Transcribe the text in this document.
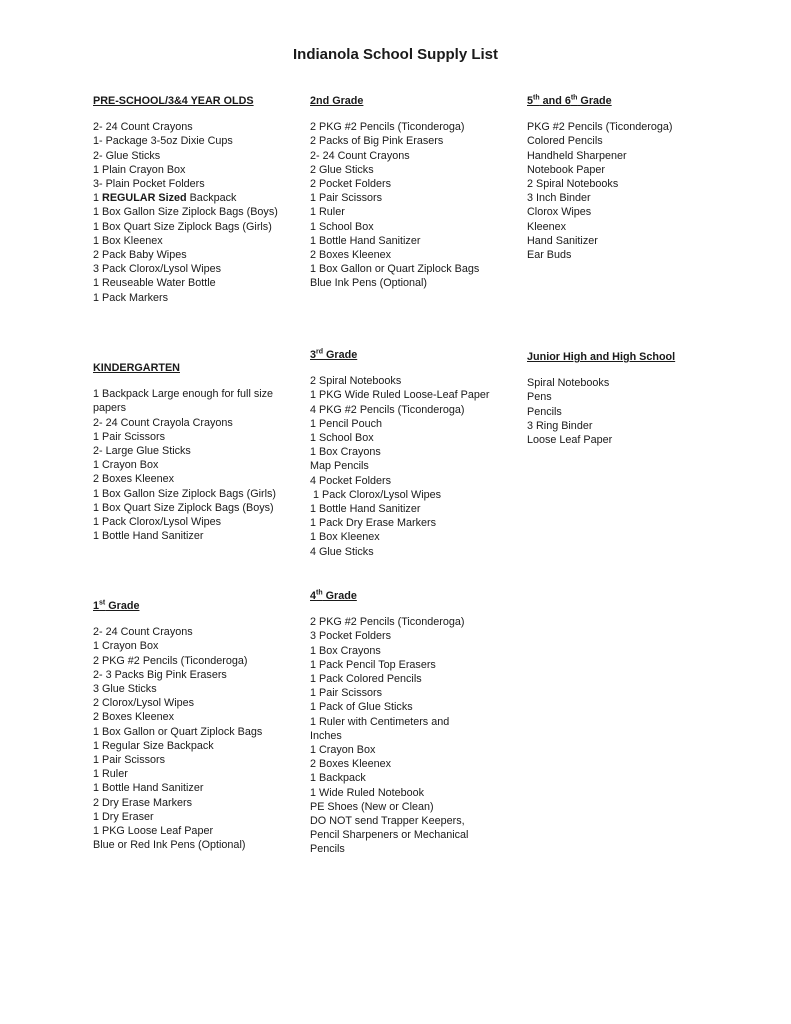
Indianola School Supply List
PRE-SCHOOL/3&4 YEAR OLDS
2- 24 Count Crayons
1- Package 3-5oz Dixie Cups
2- Glue Sticks
1 Plain Crayon Box
3- Plain Pocket Folders
1 REGULAR Sized Backpack
1 Box Gallon Size Ziplock Bags (Boys)
1 Box Quart Size Ziplock Bags (Girls)
1 Box Kleenex
2 Pack Baby Wipes
3 Pack Clorox/Lysol Wipes
1 Reuseable Water Bottle
1 Pack Markers
KINDERGARTEN
1 Backpack Large enough for full size papers
2- 24 Count Crayola Crayons
1 Pair Scissors
2- Large Glue Sticks
1 Crayon Box
2 Boxes Kleenex
1 Box Gallon Size Ziplock Bags (Girls)
1 Box Quart Size Ziplock Bags (Boys)
1 Pack Clorox/Lysol Wipes
1 Bottle Hand Sanitizer
1st Grade
2- 24 Count Crayons
1 Crayon Box
2 PKG #2 Pencils (Ticonderoga)
2- 3 Packs Big Pink Erasers
3 Glue Sticks
2 Clorox/Lysol Wipes
2 Boxes Kleenex
1 Box Gallon or Quart Ziplock Bags
1 Regular Size Backpack
1 Pair Scissors
1 Ruler
1 Bottle Hand Sanitizer
2 Dry Erase Markers
1 Dry Eraser
1 PKG Loose Leaf Paper
Blue or Red Ink Pens (Optional)
2nd Grade
2 PKG #2 Pencils (Ticonderoga)
2 Packs of Big Pink Erasers
2- 24 Count Crayons
2 Glue Sticks
2 Pocket Folders
1 Pair Scissors
1 Ruler
1 School Box
1 Bottle Hand Sanitizer
2 Boxes Kleenex
1 Box Gallon or Quart Ziplock Bags
Blue Ink Pens (Optional)
3rd Grade
2 Spiral Notebooks
1 PKG Wide Ruled Loose-Leaf Paper
4 PKG #2 Pencils (Ticonderoga)
1 Pencil Pouch
1 School Box
1 Box Crayons
Map Pencils
4 Pocket Folders
1 Pack Clorox/Lysol Wipes
1 Bottle Hand Sanitizer
1 Pack Dry Erase Markers
1 Box Kleenex
4 Glue Sticks
4th Grade
2 PKG #2 Pencils (Ticonderoga)
3 Pocket Folders
1 Box Crayons
1 Pack Pencil Top Erasers
1 Pack Colored Pencils
1 Pair Scissors
1 Pack of Glue Sticks
1 Ruler with Centimeters and Inches
1 Crayon Box
2 Boxes Kleenex
1 Backpack
1 Wide Ruled Notebook
PE Shoes (New or Clean)
DO NOT send Trapper Keepers, Pencil Sharpeners or Mechanical Pencils
5th and 6th Grade
PKG #2 Pencils (Ticonderoga)
Colored Pencils
Handheld Sharpener
Notebook Paper
2 Spiral Notebooks
3 Inch Binder
Clorox Wipes
Kleenex
Hand Sanitizer
Ear Buds
Junior High and High School
Spiral Notebooks
Pens
Pencils
3 Ring Binder
Loose Leaf Paper
